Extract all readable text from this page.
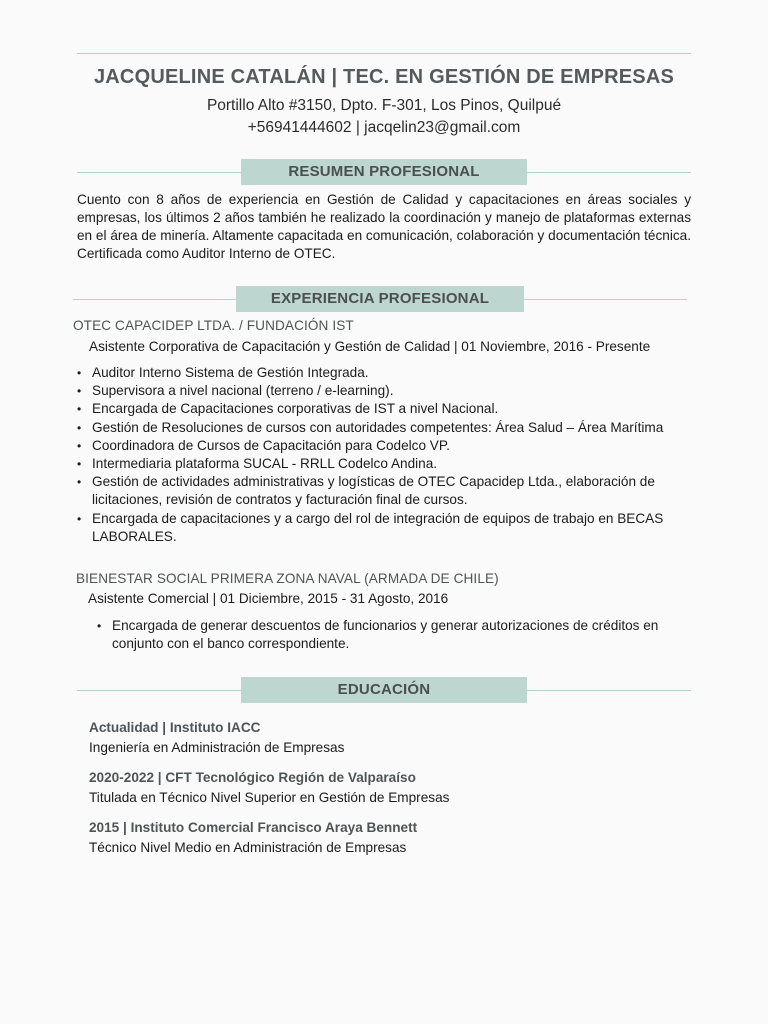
JACQUELINE CATALÁN | TEC. EN GESTIÓN DE EMPRESAS
Portillo Alto #3150, Dpto. F-301, Los Pinos, Quilpué
+56941444602 | jacqelin23@gmail.com
RESUMEN PROFESIONAL
Cuento con 8 años de experiencia en Gestión de Calidad y capacitaciones en áreas sociales y empresas, los últimos 2 años también he realizado la coordinación y manejo de plataformas externas en el área de minería. Altamente capacitada en comunicación, colaboración y documentación técnica. Certificada como Auditor Interno de OTEC.
EXPERIENCIA PROFESIONAL
OTEC CAPACIDEP LTDA. / FUNDACIÓN IST
Asistente Corporativa de Capacitación y Gestión de Calidad | 01 Noviembre, 2016 - Presente
• Auditor Interno Sistema de Gestión Integrada.
• Supervisora a nivel nacional (terreno / e-learning).
• Encargada de Capacitaciones corporativas de IST a nivel Nacional.
• Gestión de Resoluciones de cursos con autoridades competentes: Área Salud – Área Marítima
• Coordinadora de Cursos de Capacitación para Codelco VP.
• Intermediaria plataforma SUCAL - RRLL Codelco Andina.
• Gestión de actividades administrativas y logísticas de OTEC Capacidep Ltda., elaboración de licitaciones, revisión de contratos y facturación final de cursos.
• Encargada de capacitaciones y a cargo del rol de integración de equipos de trabajo en BECAS LABORALES.
BIENESTAR SOCIAL PRIMERA ZONA NAVAL (ARMADA DE CHILE)
Asistente Comercial | 01 Diciembre, 2015 - 31 Agosto, 2016
• Encargada de generar descuentos de funcionarios y generar autorizaciones de créditos en conjunto con el banco correspondiente.
EDUCACIÓN
Actualidad | Instituto IACC
Ingeniería en Administración de Empresas
2020-2022 | CFT Tecnológico Región de Valparaíso
Titulada en Técnico Nivel Superior en Gestión de Empresas
2015 | Instituto Comercial Francisco Araya Bennett
Técnico Nivel Medio en Administración de Empresas
